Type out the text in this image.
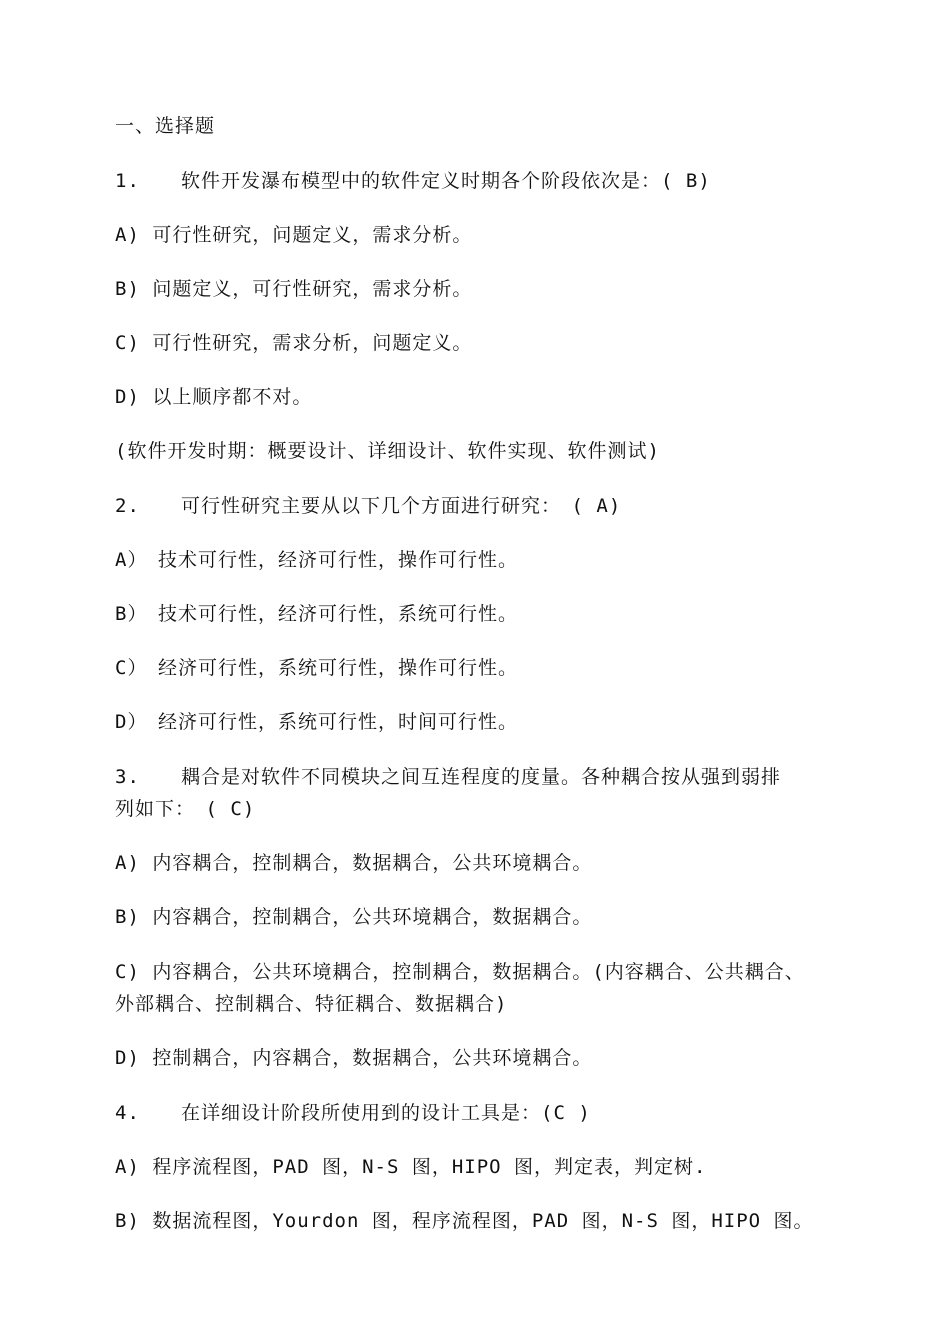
一、选择题
1. 软件开发瀑布模型中的软件定义时期各个阶段依次是：( B)
A) 可行性研究，问题定义，需求分析。
B) 问题定义，可行性研究，需求分析。
C) 可行性研究，需求分析，问题定义。
D) 以上顺序都不对。
(软件开发时期：概要设计、详细设计、软件实现、软件测试)
2. 可行性研究主要从以下几个方面进行研究：　( A)
A）　技术可行性，经济可行性，操作可行性。
B）　技术可行性，经济可行性，系统可行性。
C）　经济可行性，系统可行性，操作可行性。
D）　经济可行性，系统可行性，时间可行性。
3. 耦合是对软件不同模块之间互连程度的度量。各种耦合按从强到弱排
列如下：　( C)
A) 内容耦合，控制耦合，数据耦合，公共环境耦合。
B) 内容耦合，控制耦合，公共环境耦合，数据耦合。
C) 内容耦合，公共环境耦合，控制耦合，数据耦合。(内容耦合、公共耦合、
外部耦合、控制耦合、特征耦合、数据耦合)
D) 控制耦合，内容耦合，数据耦合，公共环境耦合。
4. 在详细设计阶段所使用到的设计工具是：(C )
A) 程序流程图，PAD 图，N-S 图，HIPO 图，判定表，判定树.
B) 数据流程图，Yourdon 图，程序流程图，PAD 图，N-S 图，HIPO 图。
